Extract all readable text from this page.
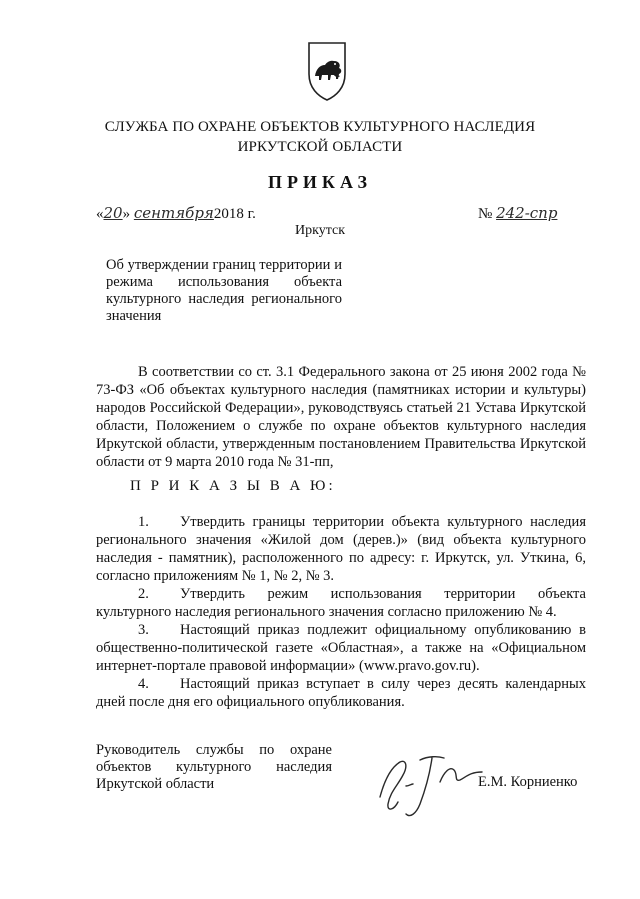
СЛУЖБА ПО ОХРАНЕ ОБЪЕКТОВ КУЛЬТУРНОГО НАСЛЕДИЯ
ИРКУТСКОЙ ОБЛАСТИ
ПРИКАЗ
«20» сентября2018 г.	№ 242-спр
Иркутск
Об утверждении границ территории и режима использования объекта культурного наследия регионального значения

В соответствии со ст. 3.1 Федерального закона от 25 июня 2002 года № 73-ФЗ «Об объектах культурного наследия (памятниках истории и культуры) народов Российской Федерации», руководствуясь статьей 21 Устава Иркутской области, Положением о службе по охране объектов культурного наследия Иркутской области, утвержденным постановлением Правительства Иркутской области от 9 марта 2010 года № 31-пп,

П Р И К А З Ы В А Ю:

1. Утвердить границы территории объекта культурного наследия регионального значения «Жилой дом (дерев.)» (вид объекта культурного наследия - памятник), расположенного по адресу: г. Иркутск, ул. Уткина, 6, согласно приложениям № 1, № 2, № 3.

2. Утвердить режим использования территории объекта культурного наследия регионального значения согласно приложению № 4.

3. Настоящий приказ подлежит официальному опубликованию в общественно-политической газете «Областная», а также на «Официальном интернет-портале правовой информации» (www.pravo.gov.ru).

4. Настоящий приказ вступает в силу через десять календарных дней после дня его официального опубликования.

Руководитель службы по охране объектов культурного наследия Иркутской области	Е.М. Корниенко
